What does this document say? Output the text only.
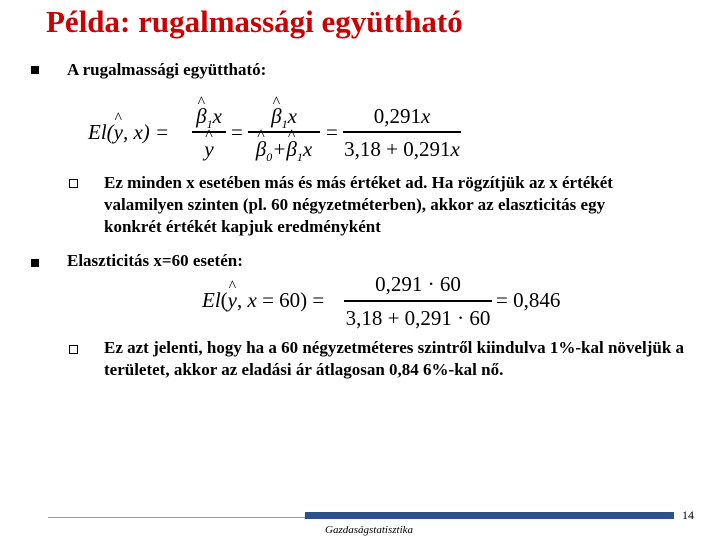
Példa: rugalmassági együttható
A rugalmassági együttható:
El(^ y, x) =
^ $\beta_1x$
^ y
=
^ $\beta_1x$
^ $\beta_0+\^{}$ $\beta_1x$
=
0,291x
3,18 + 0,291x
Ez minden x esetében más és más értéket ad. Ha rögzítjük az x értékét valamilyen szinten (pl. 60 négyzetméterben), akkor az elaszticitás egy konkrét értékét kapjuk eredményként
Elaszticitás x=60 esetén:
El(^ y, x = 60) =
0,291 · 60
3,18 + 0,291 · 60
= 0,846
Ez azt jelenti, hogy ha a 60 négyzetméteres szintről kiindulva 1%-kal növeljük a területet, akkor az eladási ár átlagosan 0,84 6%-kal nő.
14
Gazdaságstatisztika
